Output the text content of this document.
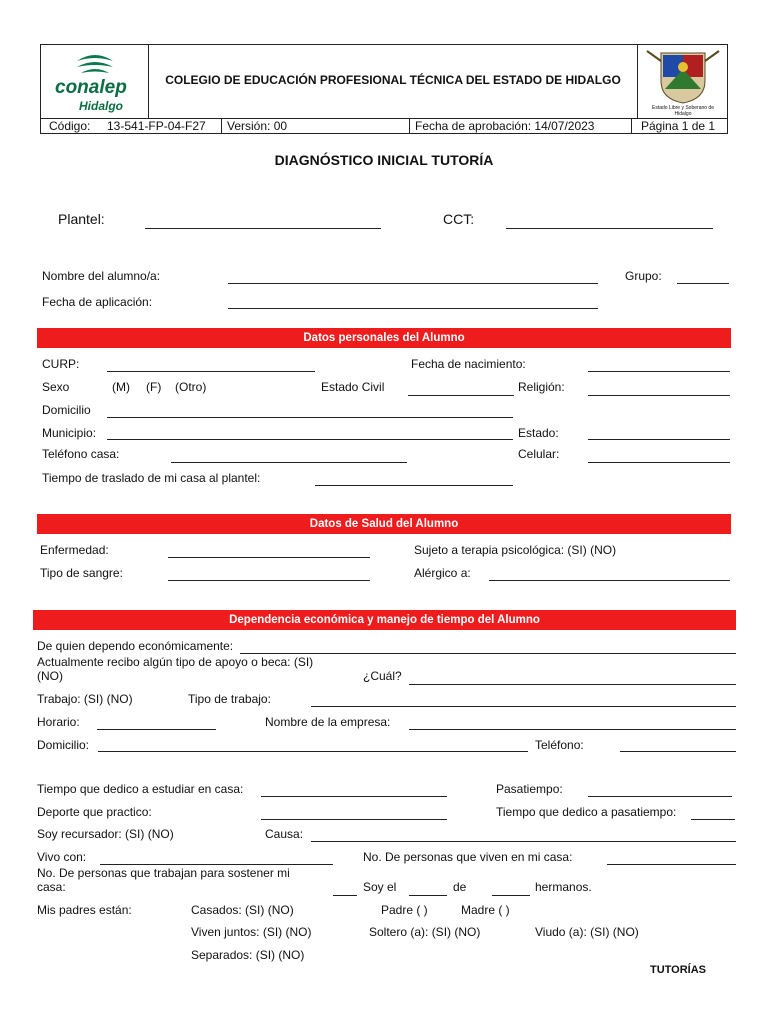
conalep
Hidalgo
COLEGIO DE EDUCACIÓN PROFESIONAL TÉCNICA DEL ESTADO DE HIDALGO
Estado Libre y Soberano de Hidalgo
Código: 13-541-FP-04-F27 Versión: 00	Fecha de aprobación: 14/07/2023	Página 1 de 1
DIAGNÓSTICO INICIAL TUTORÍA
Plantel:	CCT:
Nombre del alumno/a:	Grupo:
Fecha de aplicación:
Datos personales del Alumno
CURP:	Fecha de nacimiento:
Sexo	(M) (F) (Otro)	Estado Civil	Religión:
Domicilio
Municipio:	Estado:
Teléfono casa:	Celular:
Tiempo de traslado de mi casa al plantel:
Datos de Salud del Alumno
Enfermedad:	Sujeto a terapia psicológica: (SI) (NO)
Tipo de sangre:	Alérgico a:
Dependencia económica y manejo de tiempo del Alumno
De quien dependo económicamente:
Actualmente recibo algún tipo de apoyo o beca: (SI)
(NO)	¿Cuál?
Trabajo: (SI) (NO)	Tipo de trabajo:
Horario:	Nombre de la empresa:
Domicilio:	Teléfono:
Tiempo que dedico a estudiar en casa:	Pasatiempo:
Deporte que practico:	Tiempo que dedico a pasatiempo:
Soy recursador: (SI) (NO)	Causa:
Vivo con:	No. De personas que viven en mi casa:
No. De personas que trabajan para sostener mi
casa:	Soy el	de	hermanos.
Mis padres están:	Casados: (SI) (NO)	Padre ( )	Madre ( )
Viven juntos: (SI) (NO)	Soltero (a): (SI) (NO)	Viudo (a): (SI) (NO)
Separados: (SI) (NO)
TUTORÍAS
